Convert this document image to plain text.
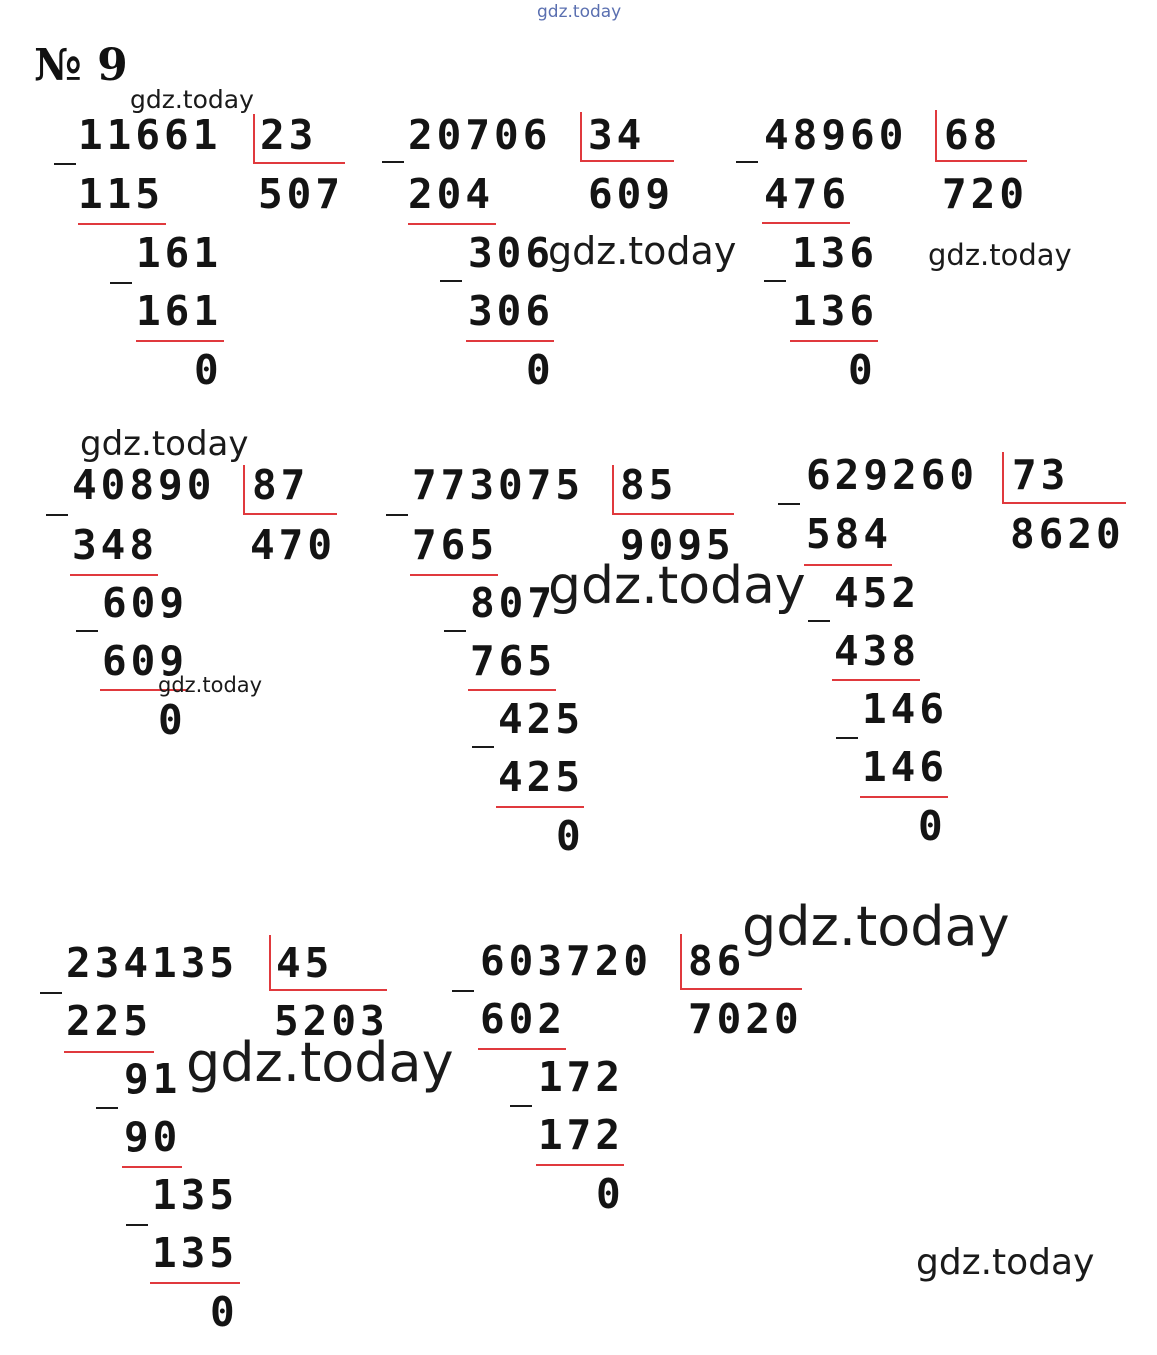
gdz.today
№ 9
11661 23
507
115
161
161
0
20706 34
609
204
306
306
0
48960 68
720
476
136
136
0
40890 87
470
348
609
609
0
773075 85
9095
765
807
765
425
425
0
629260 73
8620
584
452
438
146
146
0
234135 45
5203
225
91
90
135
135
0
603720 86
7020
602
172
172
0
gdz.today
gdz.today	gdz.today
gdz.today
gdz.today
gdz.today
gdz.today
gdz.today
gdz.today
